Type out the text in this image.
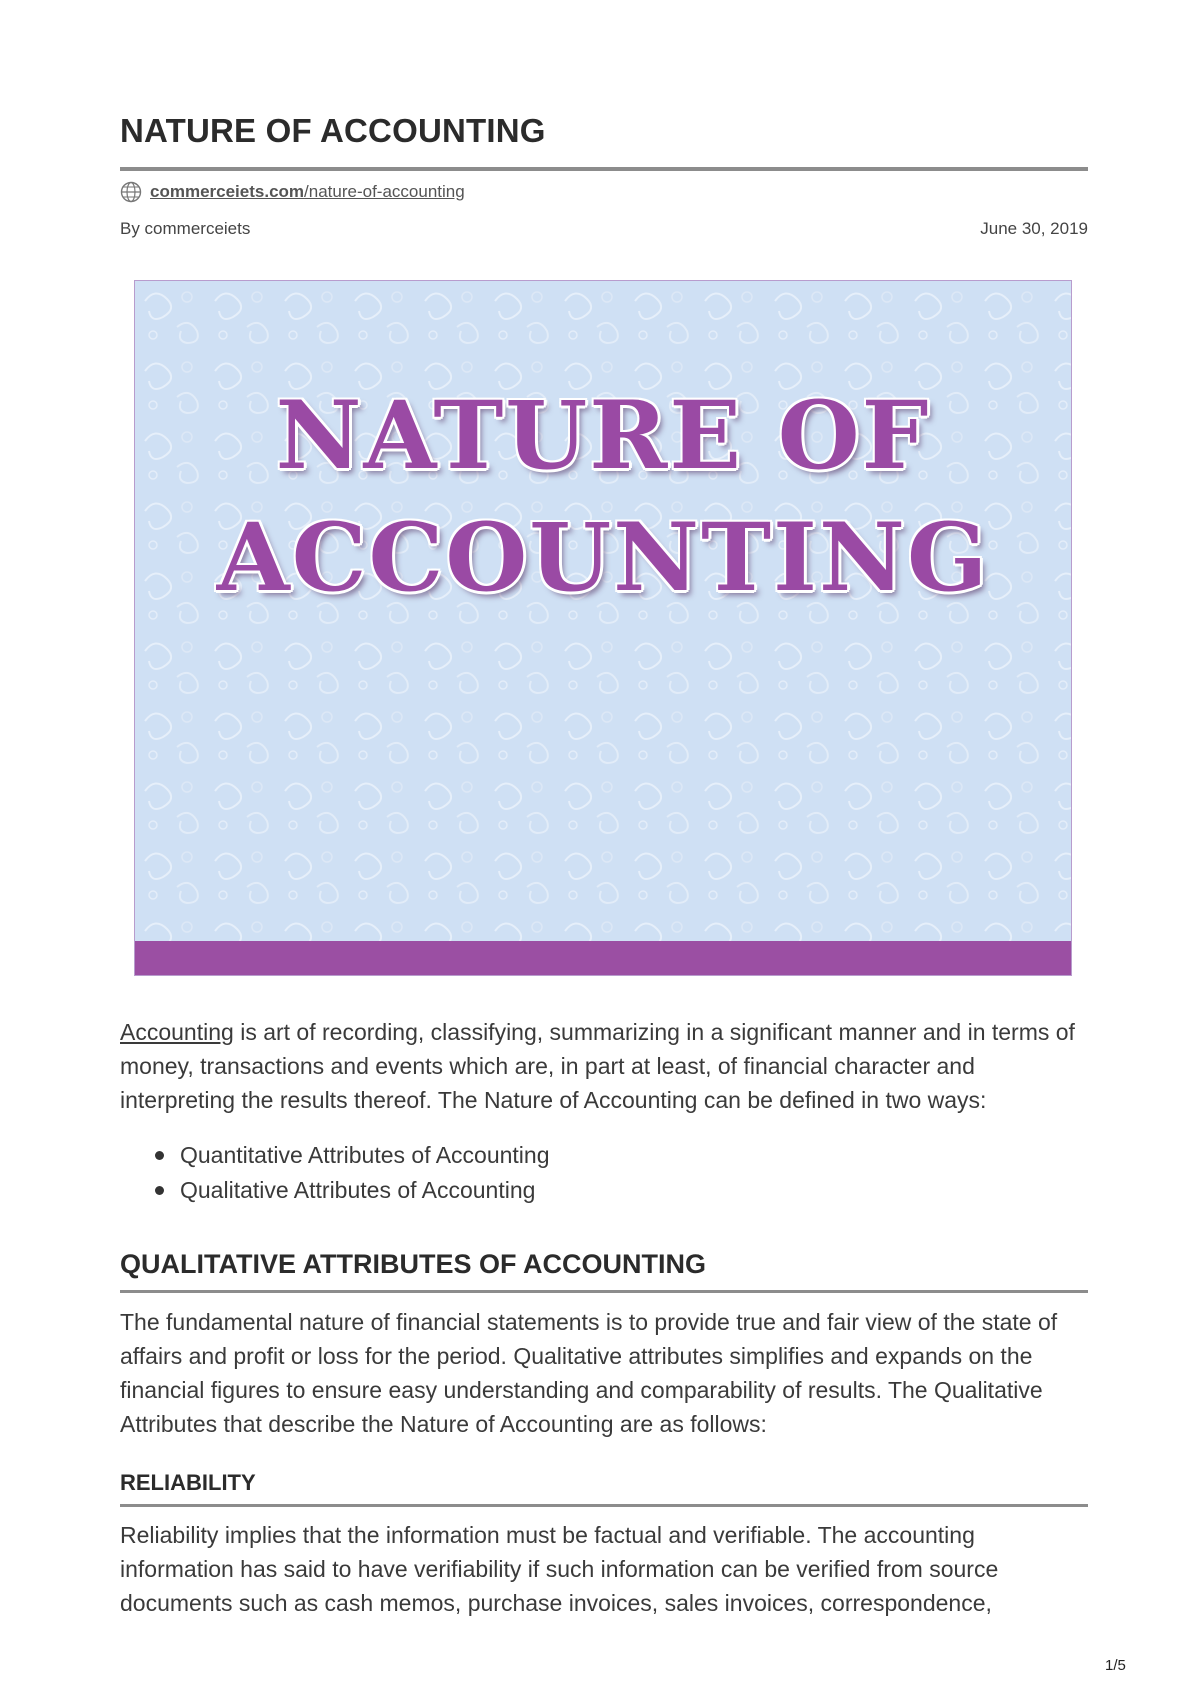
NATURE OF ACCOUNTING
commerceiets.com/nature-of-accounting
By commerceiets	June 30, 2019
NATURE OF
ACCOUNTING

Accounting is art of recording, classifying, summarizing in a significant manner and in terms of money, transactions and events which are, in part at least, of financial character and interpreting the results thereof. The Nature of Accounting can be defined in two ways:

Quantitative Attributes of Accounting
Qualitative Attributes of Accounting
QUALITATIVE ATTRIBUTES OF ACCOUNTING

The fundamental nature of financial statements is to provide true and fair view of the state of affairs and profit or loss for the period. Qualitative attributes simplifies and expands on the financial figures to ensure easy understanding and comparability of results. The Qualitative Attributes that describe the Nature of Accounting are as follows:

RELIABILITY

Reliability implies that the information must be factual and verifiable. The accounting information has said to have verifiability if such information can be verified from source documents such as cash memos, purchase invoices, sales invoices, correspondence,

1/5
